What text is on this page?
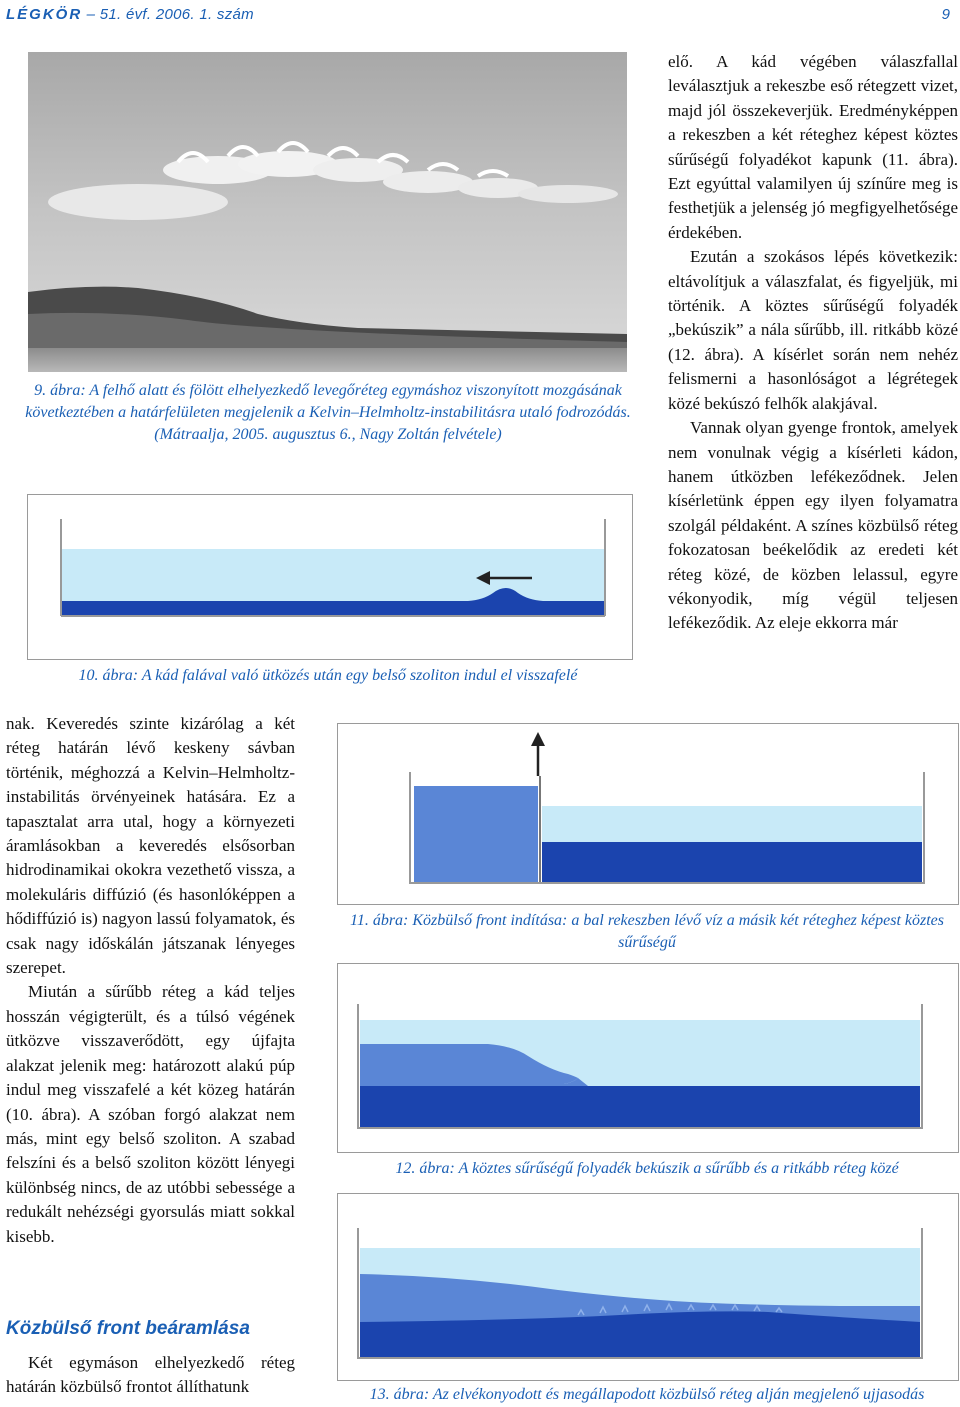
LÉGKÖR – 51. évf. 2006. 1. szám	9
9. ábra: A felhő alatt és fölött elhelyezkedő levegőréteg egymáshoz viszonyított mozgásának következtében a határfelületen megjelenik a Kelvin–Helmholtz-instabilitásra utaló fodrozódás. (Mátraalja, 2005. augusztus 6., Nagy Zoltán felvétele)
10. ábra: A kád falával való ütközés után egy belső szoliton indul el visszafelé

elő. A kád végében válaszfallal leválasztjuk a rekeszbe eső rétegzett vizet, majd jól összekeverjük. Eredményképpen a rekeszben a két réteghez képest köztes sűrűségű folyadékot kapunk (11. ábra). Ezt egyúttal valamilyen új színűre meg is festhetjük a jelenség jó megfigyelhetősége érdekében.

Ezután a szokásos lépés következik: eltávolítjuk a válaszfalat, és figyeljük, mi történik. A köztes sűrűségű folyadék „bekúszik” a nála sűrűbb, ill. ritkább közé (12. ábra). A kísérlet során nem nehéz felismerni a hasonlóságot a légrétegek közé bekúszó felhők alakjával.

Vannak olyan gyenge frontok, amelyek nem vonulnak végig a kísérleti kádon, hanem útközben lefékeződnek. Jelen kísérletünk éppen egy ilyen folyamatra szolgál példaként. A színes közbülső réteg fokozatosan beékelődik az eredeti két réteg közé, de közben lelassul, egyre vékonyodik, míg végül teljesen lefékeződik. Az eleje ekkorra már

nak. Keveredés szinte kizárólag a két réteg határán lévő keskeny sávban történik, méghozzá a Kelvin–Helmholtz-instabilitás örvényeinek hatására. Ez a tapasztalat arra utal, hogy a környezeti áramlásokban a keveredés elsősorban hidrodinamikai okokra vezethető vissza, a molekuláris diffúzió (és hasonlóképpen a hődiffúzió is) nagyon lassú folyamatok, és csak nagy időskálán játszanak lényeges szerepet.

Miután a sűrűbb réteg a kád teljes hosszán végigterült, és a túlsó végének ütközve visszaverődött, egy újfajta alakzat jelenik meg: határozott alakú púp indul meg visszafelé a két közeg határán (10. ábra). A szóban forgó alakzat nem más, mint egy belső szoliton. A szabad felszíni és a belső szoliton között lényegi különbség nincs, de az utóbbi sebessége a redukált nehézségi gyorsulás miatt sokkal kisebb.

Közbülső front beáramlása

Két egymáson elhelyezkedő réteg határán közbülső frontot állíthatunk

11. ábra: Közbülső front indítása: a bal rekeszben lévő víz a másik két réteghez képest köztes sűrűségű
12. ábra: A köztes sűrűségű folyadék bekúszik a sűrűbb és a ritkább réteg közé
13. ábra: Az elvékonyodott és megállapodott közbülső réteg alján megjelenő ujjasodás
